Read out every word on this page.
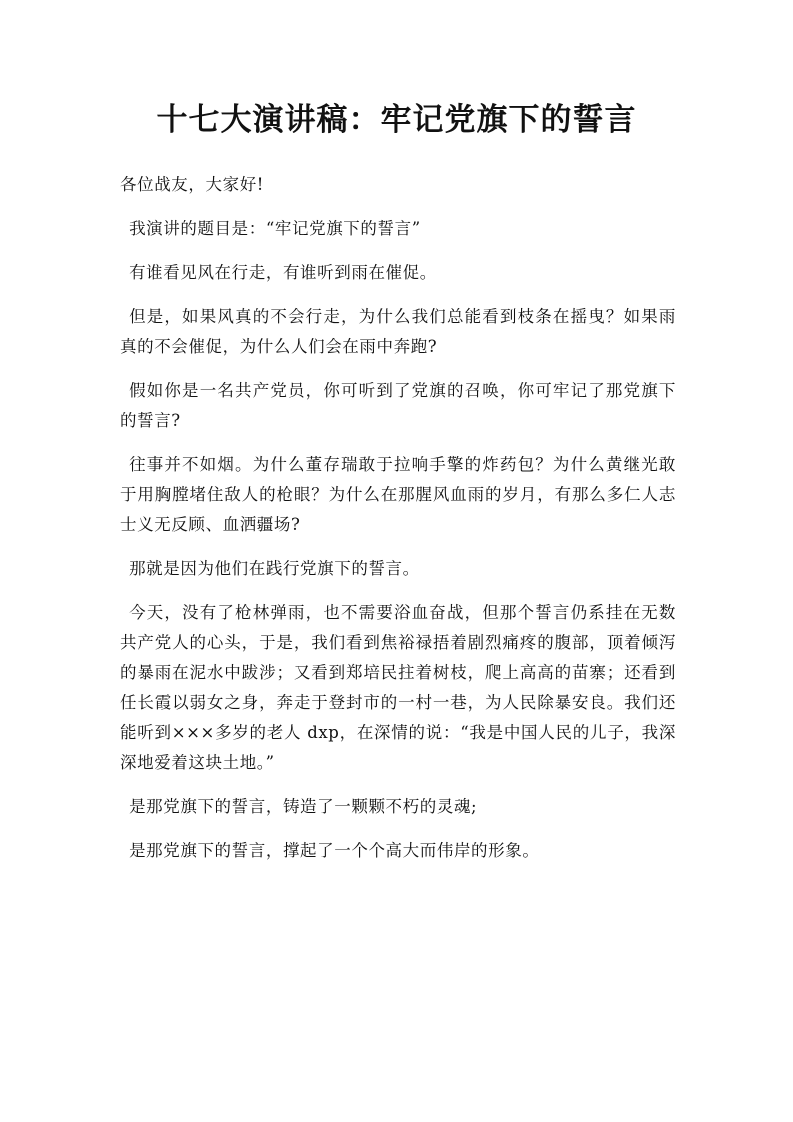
十七大演讲稿：牢记党旗下的誓言

各位战友，大家好!

我演讲的题目是：“牢记党旗下的誓言”

有谁看见风在行走，有谁听到雨在催促。

但是，如果风真的不会行走，为什么我们总能看到枝条在摇曳？如果雨真的不会催促，为什么人们会在雨中奔跑?

假如你是一名共产党员，你可听到了党旗的召唤，你可牢记了那党旗下的誓言?

往事并不如烟。为什么董存瑞敢于拉响手擎的炸药包？为什么黄继光敢于用胸膛堵住敌人的枪眼？为什么在那腥风血雨的岁月，有那么多仁人志士义无反顾、血洒疆场?

那就是因为他们在践行党旗下的誓言。

今天，没有了枪林弹雨，也不需要浴血奋战，但那个誓言仍系挂在无数共产党人的心头，于是，我们看到焦裕禄捂着剧烈痛疼的腹部，顶着倾泻的暴雨在泥水中跋涉；又看到郑培民拄着树枝，爬上高高的苗寨；还看到任长霞以弱女之身，奔走于登封市的一村一巷，为人民除暴安良。我们还能听到×××多岁的老人 dxp，在深情的说：“我是中国人民的儿子，我深深地爱着这块土地。”

是那党旗下的誓言，铸造了一颗颗不朽的灵魂;

是那党旗下的誓言，撑起了一个个高大而伟岸的形象。
